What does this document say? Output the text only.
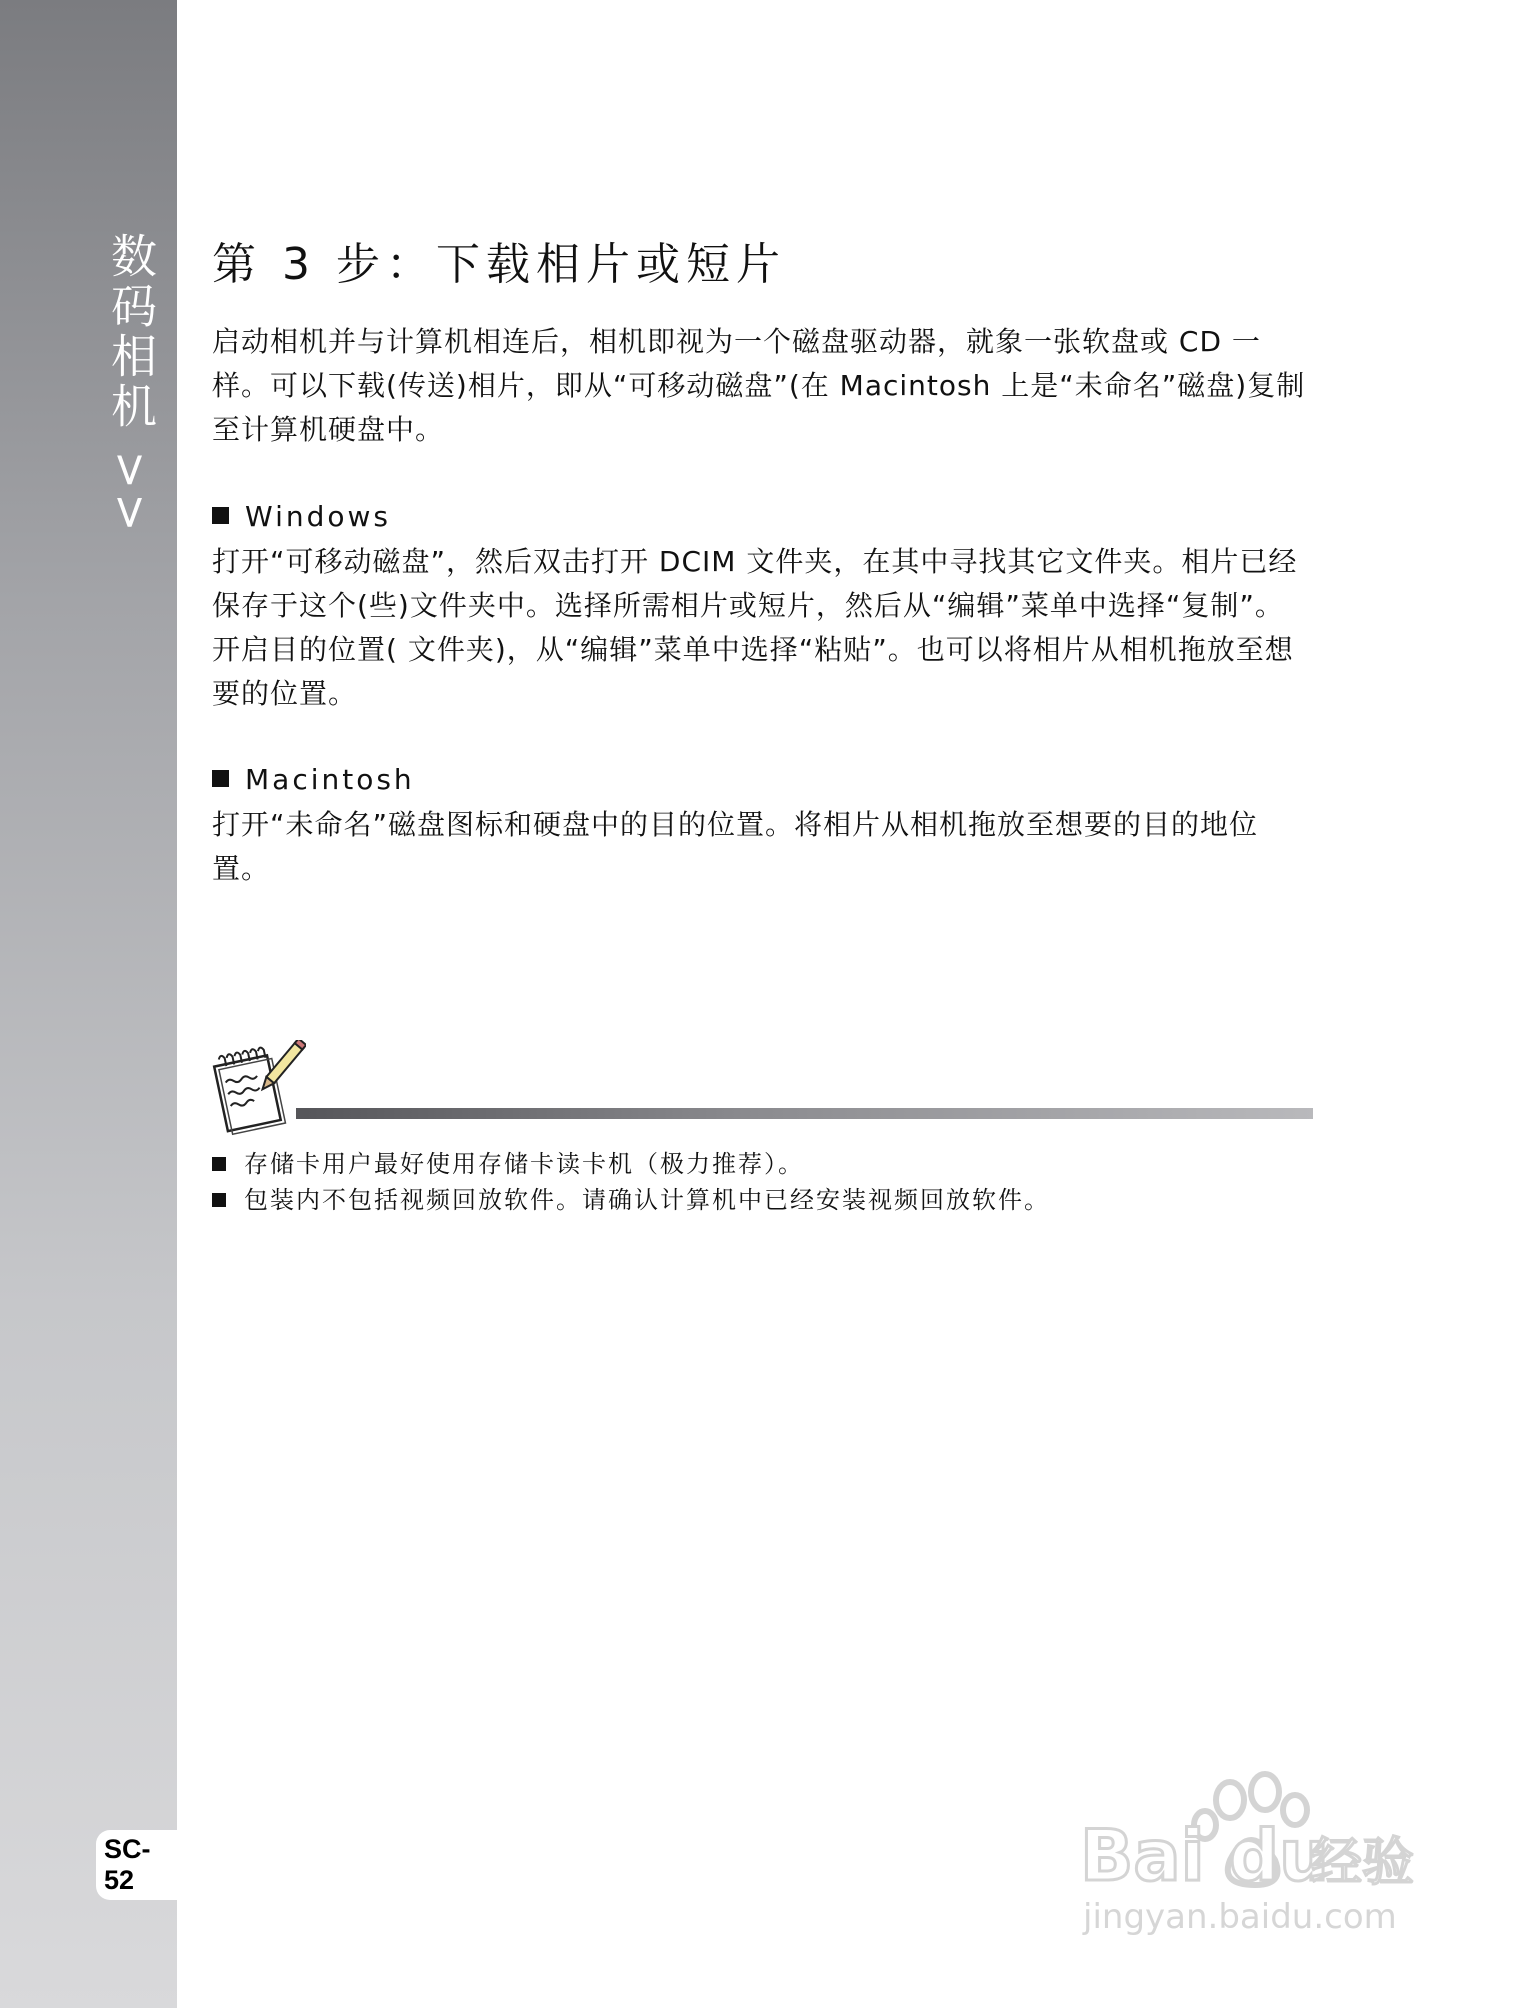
数码相机 >>
SC-52
第 3 步：下载相片或短片

启动相机并与计算机相连后，相机即视为一个磁盘驱动器，就象一张软盘或 CD 一样。可以下载(传送)相片，即从“可移动磁盘”(在 Macintosh 上是“未命名”磁盘)复制至计算机硬盘中。

Windows

打开“可移动磁盘”，然后双击打开 DCIM 文件夹，在其中寻找其它文件夹。相片已经保存于这个(些)文件夹中。选择所需相片或短片，然后从“编辑”菜单中选择“复制”。开启目的位置( 文件夹)，从“编辑”菜单中选择“粘贴”。也可以将相片从相机拖放至想要的位置。

Macintosh

打开“未命名”磁盘图标和硬盘中的目的位置。将相片从相机拖放至想要的目的地位置。

存储卡用户最好使用存储卡读卡机（极力推荐）。
包装内不包括视频回放软件。请确认计算机中已经安装视频回放软件。
Bai du
经验
jingyan.baidu.com
